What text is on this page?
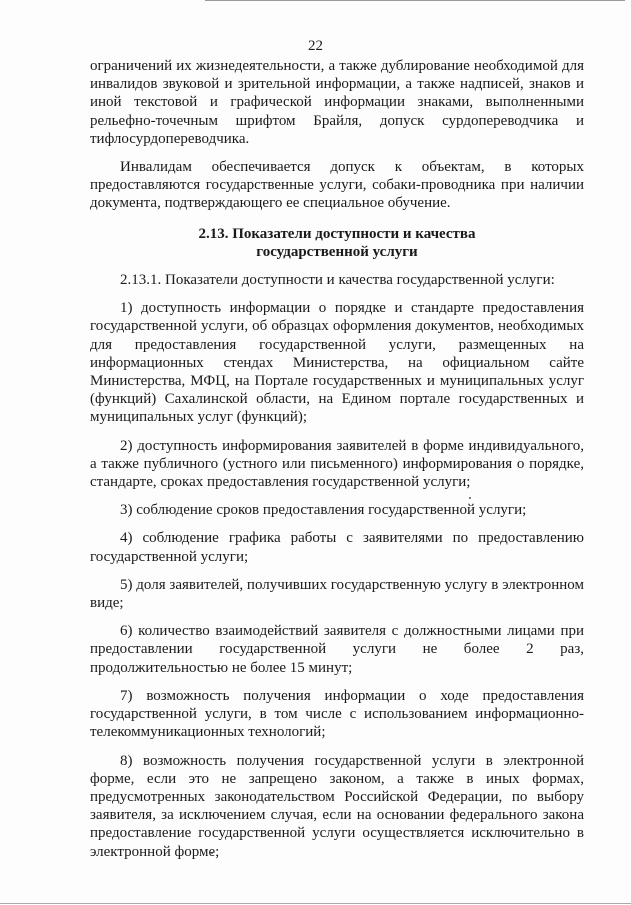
22

ограничений их жизнедеятельности, а также дублирование необходимой для инвалидов звуковой и зрительной информации, а также надписей, знаков и иной текстовой и графической информации знаками, выполненными рельефно-точечным шрифтом Брайля, допуск сурдопереводчика и тифлосурдопереводчика.

Инвалидам обеспечивается допуск к объектам, в которых предоставляются государственные услуги, собаки-проводника при наличии документа, подтверждающего ее специальное обучение.

2.13. Показатели доступности и качества
государственной услуги

2.13.1. Показатели доступности и качества государственной услуги:

1) доступность информации о порядке и стандарте предоставления государственной услуги, об образцах оформления документов, необходимых для предоставления государственной услуги, размещенных на информационных стендах Министерства, на официальном сайте Министерства, МФЦ, на Портале государственных и муниципальных услуг (функций) Сахалинской области, на Едином портале государственных и муниципальных услуг (функций);

2) доступность информирования заявителей в форме индивидуального, а также публичного (устного или письменного) информирования о порядке, стандарте, сроках предоставления государственной услуги;

3) соблюдение сроков предоставления государственной услуги;

4) соблюдение графика работы с заявителями по предоставлению государственной услуги;

5) доля заявителей, получивших государственную услугу в электронном виде;

6) количество взаимодействий заявителя с должностными лицами при предоставлении государственной услуги не более 2 раз, продолжительностью не более 15 минут;

7) возможность получения информации о ходе предоставления государственной услуги, в том числе с использованием информационно-телекоммуникационных технологий;

8) возможность получения государственной услуги в электронной форме, если это не запрещено законом, а также в иных формах, предусмотренных законодательством Российской Федерации, по выбору заявителя, за исключением случая, если на основании федерального закона предоставление государственной услуги осуществляется исключительно в электронной форме;
